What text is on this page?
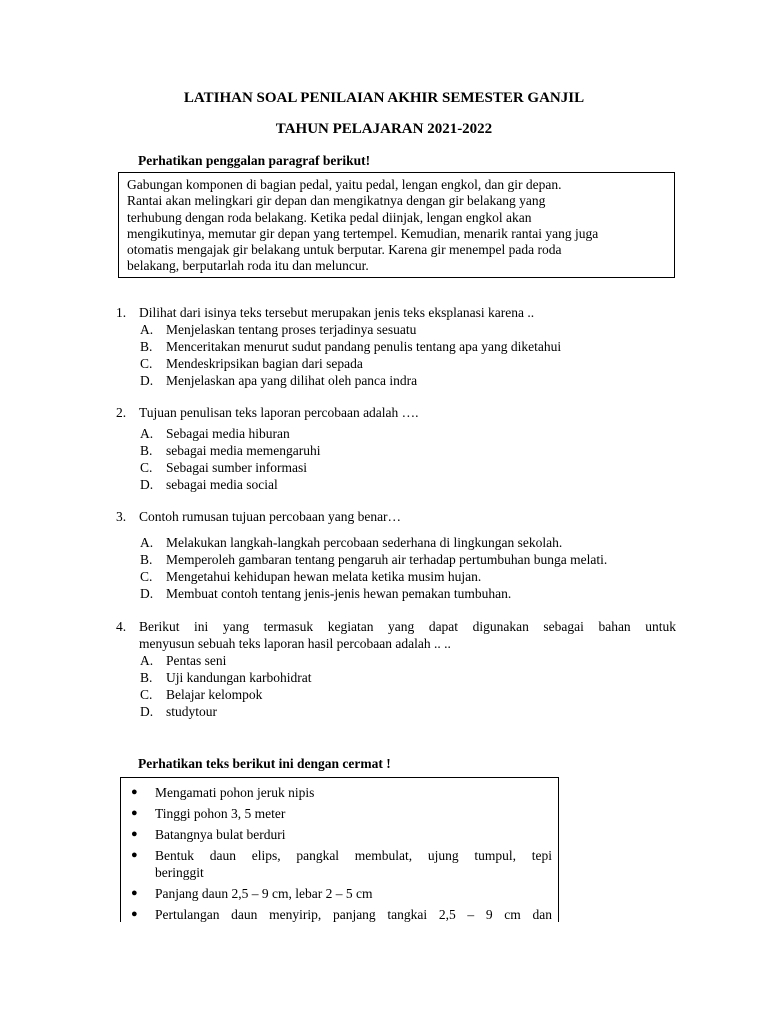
LATIHAN SOAL PENILAIAN AKHIR SEMESTER GANJIL
TAHUN PELAJARAN 2021-2022
Perhatikan penggalan paragraf berikut!
Gabungan komponen di bagian pedal, yaitu pedal, lengan engkol, dan gir depan.
Rantai akan melingkari gir depan dan mengikatnya dengan gir belakang yang
terhubung dengan roda belakang. Ketika pedal diinjak, lengan engkol akan
mengikutinya, memutar gir depan yang tertempel. Kemudian, menarik rantai yang juga
otomatis mengajak gir belakang untuk berputar. Karena gir menempel pada roda
belakang, berputarlah roda itu dan meluncur.
1. Dilihat dari isinya teks tersebut merupakan jenis teks eksplanasi karena ..
A. Menjelaskan tentang proses terjadinya sesuatu
B.	Menceritakan menurut sudut pandang penulis tentang apa yang diketahui
C.	Mendeskripsikan bagian dari sepada
D. Menjelaskan apa yang dilihat oleh panca indra
2. Tujuan penulisan teks laporan percobaan adalah ….
A. Sebagai media hiburan
B.	sebagai media memengaruhi
C.	Sebagai sumber informasi
D. sebagai media social
3. Contoh rumusan tujuan percobaan yang benar…
A. Melakukan langkah-langkah percobaan sederhana di lingkungan sekolah.
B.	Memperoleh gambaran tentang pengaruh air terhadap pertumbuhan bunga melati.
C.	Mengetahui kehidupan hewan melata ketika musim hujan.
D. Membuat contoh tentang jenis-jenis hewan pemakan tumbuhan.
4. Berikut ini yang termasuk kegiatan yang dapat digunakan sebagai bahan untuk
menyusun sebuah teks laporan hasil percobaan adalah .. ..
A. Pentas seni
B.	Uji kandungan karbohidrat
C.	Belajar kelompok
D. studytour
Perhatikan teks berikut ini dengan cermat !
●	Mengamati pohon jeruk nipis
●	Tinggi pohon 3, 5 meter
●	Batangnya bulat berduri
●	Bentuk daun elips, pangkal membulat, ujung tumpul, tepi
beringgit
●	Panjang daun 2,5 – 9 cm, lebar 2 – 5 cm
●	Pertulangan daun menyirip, panjang tangkai 2,5 – 9 cm dan
